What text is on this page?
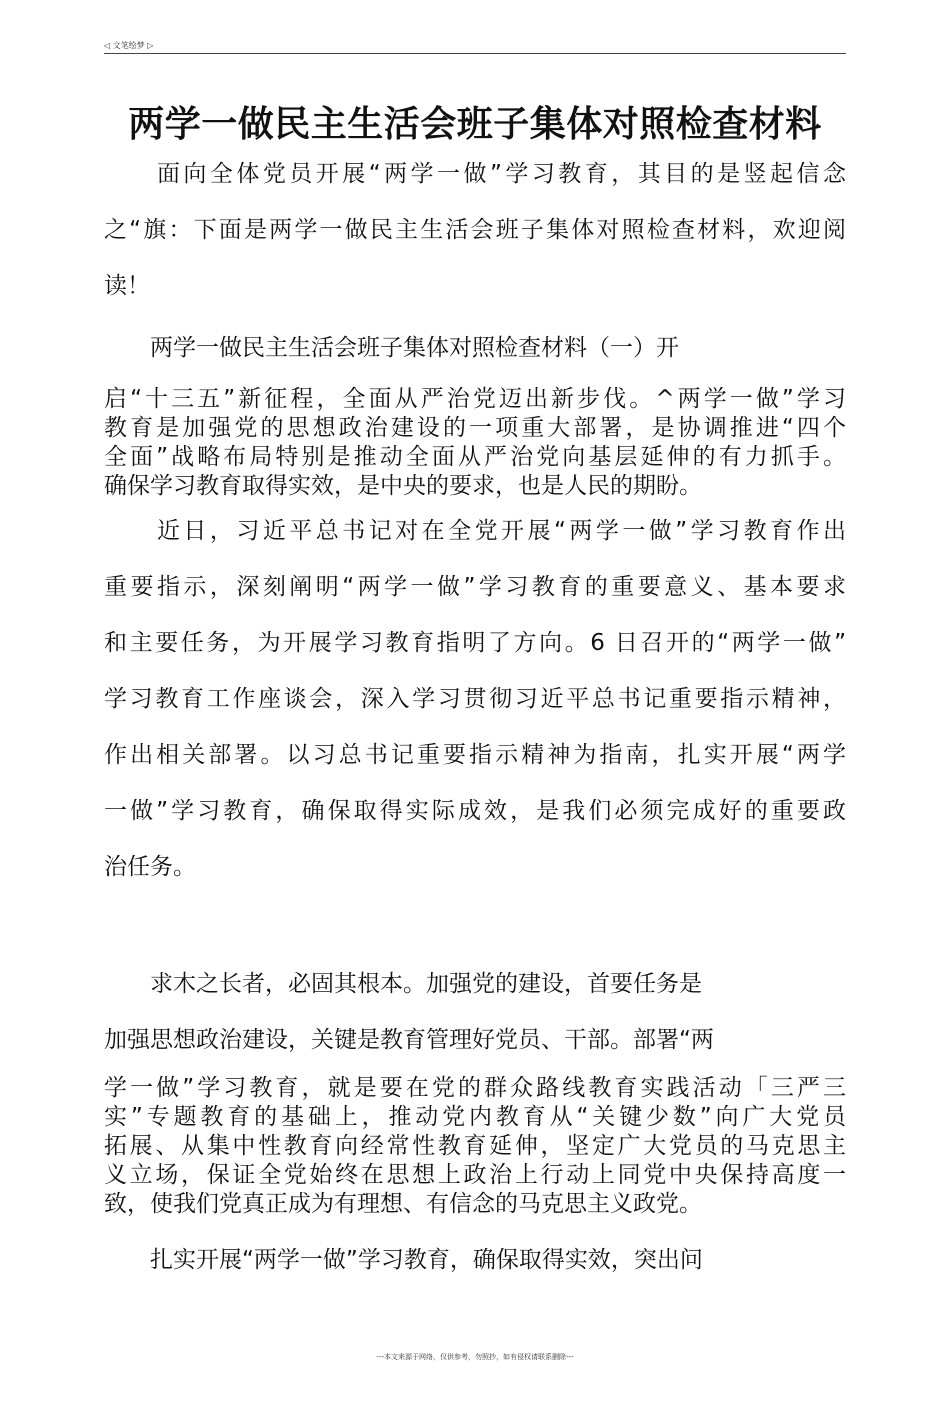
◁ 文笔绘梦 ▷
两学一做民主生活会班子集体对照检查材料
　　面向全体党员开展“两学一做”学习教育，其目的是竖起信念
之“旗：下面是两学一做民主生活会班子集体对照检查材料，欢迎阅
读！
　　两学一做民主生活会班子集体对照检查材料（一）开
启“十三五”新征程，全面从严治党迈出新步伐。^两学一做”学习
教育是加强党的思想政治建设的一项重大部署，是协调推进“四个
全面”战略布局特别是推动全面从严治党向基层延伸的有力抓手。
确保学习教育取得实效，是中央的要求，也是人民的期盼。
　　近日，习近平总书记对在全党开展“两学一做”学习教育作出
重要指示，深刻阐明“两学一做”学习教育的重要意义、基本要求
和主要任务，为开展学习教育指明了方向。6 日召开的“两学一做”
学习教育工作座谈会，深入学习贯彻习近平总书记重要指示精神，
作出相关部署。以习总书记重要指示精神为指南，扎实开展“两学
一做”学习教育，确保取得实际成效，是我们必须完成好的重要政
治任务。
　　求木之长者，必固其根本。加强党的建设，首要任务是
加强思想政治建设，关键是教育管理好党员、干部。部署“两
学一做”学习教育，就是要在党的群众路线教育实践活动「三严三
实”专题教育的基础上，推动党内教育从“关键少数”向广大党员
拓展、从集中性教育向经常性教育延伸，坚定广大党员的马克思主
义立场，保证全党始终在思想上政治上行动上同党中央保持高度一
致，使我们党真正成为有理想、有信念的马克思主义政党。
　　扎实开展“两学一做”学习教育，确保取得实效，突出问
---本文来源于网络，仅供参考，勿照抄，如有侵权请联系删除---
